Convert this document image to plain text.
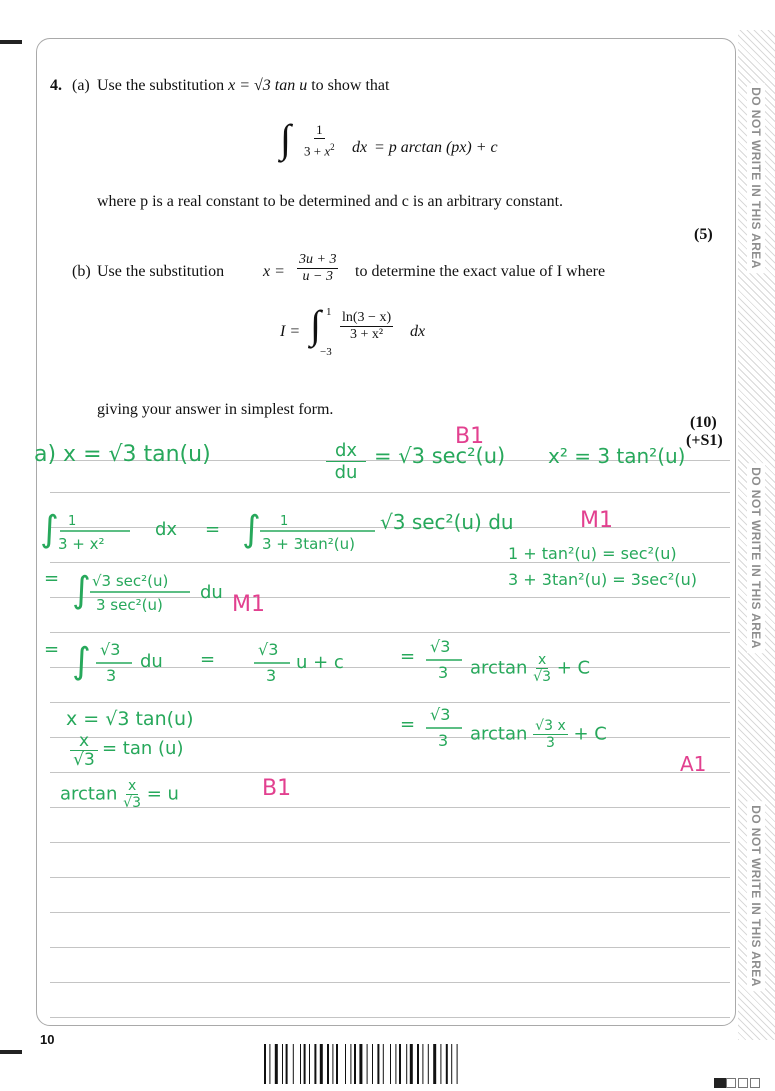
DO NOT WRITE IN THIS AREA
DO NOT WRITE IN THIS AREA
DO NOT WRITE IN THIS AREA
4. (a) Use the substitution x = √3 tan u to show that
∫ $\frac{1}{3 + x^2}$ dx = p arctan (px) + c
where p is a real constant to be determined and c is an arbitrary constant.
(5)
(b) Use the substitution $x = \frac{3u + 3}{u - 3}$ to determine the exact value of I where
I = ∫ 1
−3
$\frac{\ln(3 - x)}{\text{3 + x²}}$ dx
giving your answer in simplest form.
(10)
(+S1)
B1
a) x = √3 tan(u)	$\frac{dx}{du} = √3$ sec²(u) x² = 3 tan²(u)
∫ 1
3 + x²
dx = ∫ 1
3 + 3tan²(u)
√3 sec²(u) du	M1
1 + tan²(u) = sec²(u)
3 + 3tan²(u) = 3sec²(u)
= ∫ √3 sec²(u)
3 sec²(u)
du M1
= ∫ √3
3
du =	√3
3
u + c	= √3
3 $\arctan \frac{x}{√3} + C$
x = √3 tan(u)	= √3
3 $\arctan \frac{√3 x}{3} + C$
A1
x
√3
= tan (u)
$\arctan \frac{x}{√3} = u$	B1
10
